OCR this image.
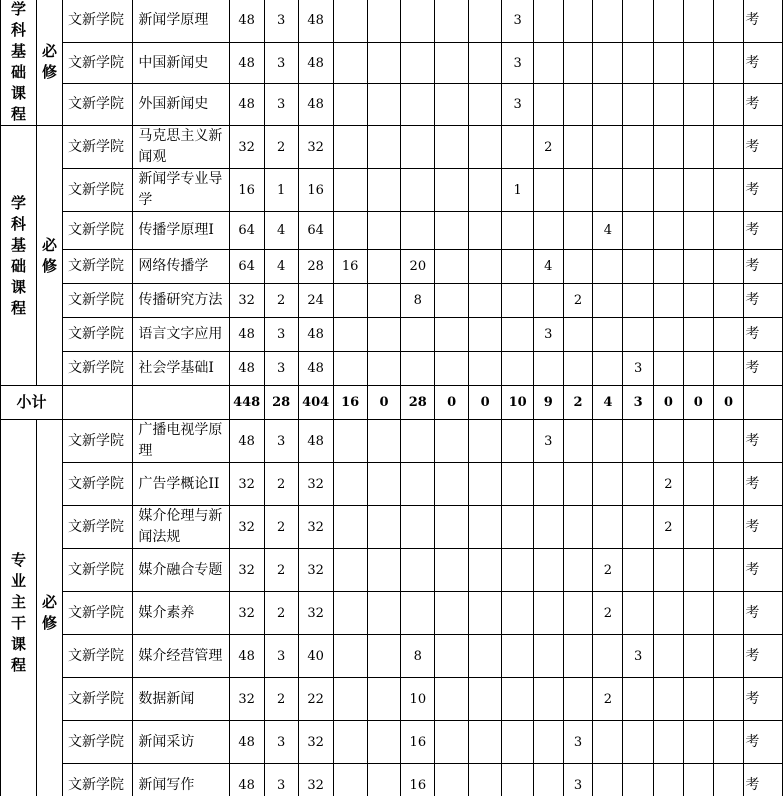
学科基础课程	必修	文新学院	新闻学原理	48	3	48						3								考
		文新学院	中国新闻史	48	3	48						3								考
		文新学院	外国新闻史	48	3	48						3								考
学科基础课程	必修	文新学院	马克思主义新闻观	32	2	32							2							考
		文新学院	新闻学专业导学	16	1	16						1								考
		文新学院	传播学原理I	64	4	64									4					考
		文新学院	网络传播学	64	4	28	16		20				4							考
		文新学院	传播研究方法	32	2	24			8					2						考
		文新学院	语言文字应用	48	3	48							3							考
		文新学院	社会学基础I	48	3	48										3				考
小计				448	28	404	16	0	28	0	0	10	9	2	4	3	0	0	0	
专业主干课程	必修	文新学院	广播电视学原理	48	3	48							3							考
		文新学院	广告学概论II	32	2	32											2			考
		文新学院	媒介伦理与新闻法规	32	2	32											2			考
		文新学院	媒介融合专题	32	2	32									2					考
		文新学院	媒介素养	32	2	32									2					考
		文新学院	媒介经营管理	48	3	40			8							3				考
		文新学院	数据新闻	32	2	22			10						2					考
		文新学院	新闻采访	48	3	32			16					3						考
		文新学院	新闻写作	48	3	32			16					3						考
